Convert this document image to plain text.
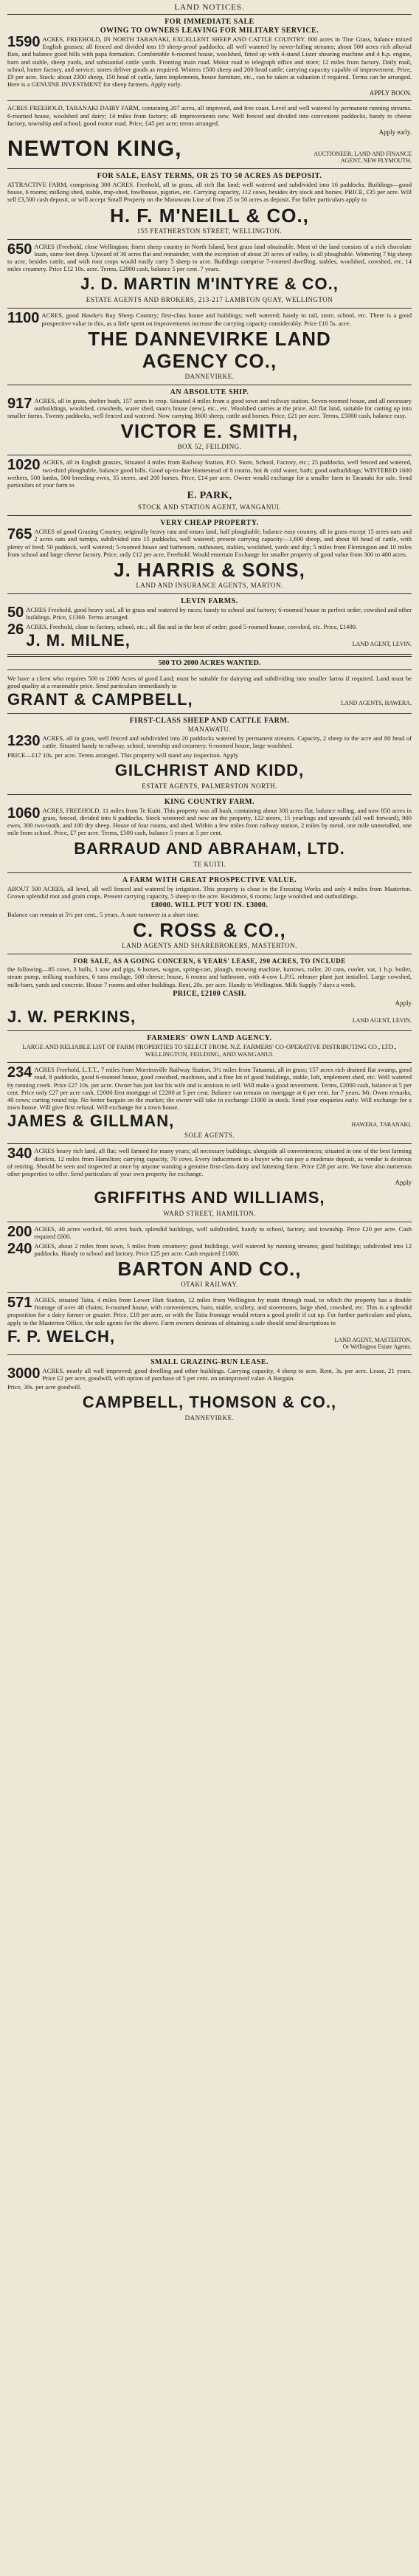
LAND NOTICES.
FOR IMMEDIATE SALE
OWING TO OWNERS LEAVING FOR MILITARY SERVICE.

1590 ACRES, FREEHOLD, IN NORTH TARANAKI, EXCELLENT SHEEP AND CATTLE COUNTRY. 800 acres in Tine Grass, balance mixed English grasses; all fenced and divided into 19 sheep-proof paddocks; all well watered by never-failing streams; about 500 acres rich alluvial flats, and balance good hills with papa formation. Comfortable 6-roomed house, woolshed, fitted up with 4-stand Lister shearing machine and 4 h.p. engine, barn and stable, sheep yards, and substantial cattle yards. Fronting main road. Motor road to telegraph office and store; 12 miles from factory. Daily mail, school, butter factory, and service; stores deliver goods as required. Winters 1500 sheep and 200 head cattle; carrying capacity capable of improvement. Price, £9 per acre. Stock: about 2300 sheep, 150 head of cattle, farm implements, house furniture, etc., can be taken at valuation if required. Terms can be arranged. Here is a GENUINE INVESTMENT for sheep farmers. Apply early.

APPLY BOON.

ACRES FREEHOLD, TARANAKI DAIRY FARM, containing 207 acres, all improved, and free coast. Level and well watered by permanent running streams. 6-roomed house, woolshed and dairy; 14 miles from factory; all improvements new. Well fenced and divided into convenient paddocks, handy to cheese factory, township and school; good motor road. Price, £45 per acre; terms arranged.

Apply early.
NEWTON KING,	AUCTIONEER, LAND AND FINANCE AGENT, NEW PLYMOUTH.
FOR SALE, EASY TERMS, OR 25 TO 50 ACRES AS DEPOSIT.

ATTRACTIVE FARM, comprising 300 ACRES. Freehold, all in grass, all rich flat land; well watered and subdivided into 16 paddocks. Buildings—good house, 6 rooms; milking shed, stable, trap-shed, fowlhouse, pigsties, etc. Carrying capacity, 112 cows, besides dry stock and horses. PRICE, £35 per acre. Will sell £3,500 cash deposit, or will accept Small Property on the Manawatu Line of from 25 to 50 acres as deposit. For fuller particulars apply to

H. F. M'NEILL & CO.,
155 FEATHERSTON STREET, WELLINGTON.

650 ACRES (Freehold, close Wellington; finest sheep country in North Island, best grass land obtainable. Most of the land consists of a rich chocolate loam, some feet deep. Upward of 30 acres flat and remainder, with the exception of about 20 acres of valley, is all ploughable. Wintering 7 big sheep to acre, besides cattle, and with root crops would easily carry 5 sheep to acre. Buildings comprise 7-roomed dwelling, stables, woolshed, cowshed, etc. 14 miles creamery. Price £12 10s. acre. Terms, £2000 cash, balance 5 per cent. 7 years.

J. D. MARTIN M'INTYRE & CO.,
ESTATE AGENTS AND BROKERS, 213-217 LAMBTON QUAY, WELLINGTON

1100 ACRES, good Hawke's Bay Sheep Country; first-class house and buildings; well watered; handy to rail, store, school, etc. There is a good prospective value in this, as a little spent on improvements increase the carrying capacity considerably. Price £10 5s. acre.

THE DANNEVIRKE LAND
AGENCY CO.,
DANNEVIRKE.
AN ABSOLUTE SHIP.

917 ACRES, all in grass, shelter bush, 157 acres in crop. Situated 4 miles from a good town and railway station. Seven-roomed house, and all necessary outbuildings, woolshed, cowsheds, water shed, man's house (new), etc., etc. Woolshed carries at the price. All flat land, suitable for cutting up into smaller farms. Twenty paddocks, well fenced and watered. Now carrying 3600 sheep, cattle and horses. Price, £21 per acre. Terms, £5000 cash, balance easy.

VICTOR E. SMITH,
BOX 52, FEILDING.

1020 ACRES, all in English grasses, Situated 4 miles from Railway Station, P.O. Store, School, Factory, etc.; 25 paddocks, well fenced and watered, two-third ploughable, balance good hills. Good up-to-date Homestead of 8 rooms, hot & cold water, bath; good outbuildings; WINTERED 1600 wethers, 500 lambs, 500 breeding ewes, 35 steers, and 200 horses. Price, £14 per acre. Owner would exchange for a smaller farm in Taranaki for sale. Send particulars of your farm to

E. PARK,
STOCK AND STATION AGENT, WANGANUI.
VERY CHEAP PROPERTY.

765 ACRES of good Grazing Country, originally heavy rata and totara land, half ploughable, balance easy country, all in grass except 15 acres oats and 2 acres oats and turnips, subdivided into 15 paddocks, well watered; present carrying capacity—1,600 sheep, and about 60 head of cattle, with plenty of feed; 50 paddock, well watered; 5-roomed house and bathroom, outhouses, stables, woolshed, yards and dip; 5 miles from Flemington and 10 miles from school and large cheese factory. Price, only £12 per acre, Freehold. Would entertain Exchange for smaller property of good value from 300 to 400 acres.

J. HARRIS & SONS,
LAND AND INSURANCE AGENTS, MARTON.
LEVIN FARMS.

50 ACRES Freehold, good heavy soil, all in grass and watered by races; handy to school and factory; 6-roomed house in perfect order; cowshed and other buildings. Price, £1300. Terms arranged.

26 ACRES, Freehold, close to factory, school, etc.; all flat and in the best of order; good 5-roomed house, cowshed, etc. Price, £1400.

J. M. MILNE,	LAND AGENT, LEVIN.
500 TO 2000 ACRES WANTED.

We have a client who requires 500 to 2000 Acres of good Land; must be suitable for dairying and subdividing into smaller farms if required. Land must be good quality at a reasonable price. Send particulars immediately to

GRANT & CAMPBELL,	LAND AGENTS, HAWERA.
FIRST-CLASS SHEEP AND CATTLE FARM.
MANAWATU.

1230 ACRES, all in grass, well fenced and subdivided into 20 paddocks watered by permanent streams. Capacity, 2 sheep to the acre and 80 head of cattle. Situated handy to railway, school, township and creamery. 6-roomed house, large woolshed.

PRICE—£17 10s. per acre. Terms arranged. This property will stand any inspection. Apply

GILCHRIST AND KIDD,
ESTATE AGENTS, PALMERSTON NORTH.
KING COUNTRY FARM.

1060 ACRES, FREEHOLD, 11 miles from Te Kuiti. This property was all bush, containing about 300 acres flat, balance rolling, and now 850 acres in grass, fenced, divided into 6 paddocks. Stock wintered and now on the property, 122 steers, 15 yearlings and upwards (all well forward), 900 ewes, 300 two-tooth, and 100 dry sheep. House of four rooms, and shed. Within a few miles from railway station, 2 miles by metal, one mile unmetalled, one mile from school. Price, £7 per acre. Terms, £500 cash, balance 5 years at 5 per cent.

BARRAUD AND ABRAHAM, LTD.
TE KUITI.
A FARM WITH GREAT PROSPECTIVE VALUE.

ABOUT 500 ACRES, all level, all well fenced and watered by irrigation. This property is close to the Freezing Works and only 4 miles from Masterton. Grown splendid root and grain crops. Present carrying capacity, 5 sheep to the acre. Residence, 6 rooms; large woolshed and outbuildings.

£8000. WILL PUT YOU IN. £3000.

Balance can remain at 5½ per cent., 5 years. A sure turnover in a short time.

C. ROSS & CO.,
LAND AGENTS AND SHAREBROKERS, MASTERTON.
FOR SALE, AS A GOING CONCERN, 6 YEARS' LEASE, 290 ACRES, TO INCLUDE

the following—85 cows, 3 bulls, 1 sow and pigs, 6 horses, wagon, spring-cart, plough, mowing machine, harrows, roller, 20 cans, cooler, vat, 1 h.p. boiler, steam pump, milking machines, 6 tons ensilage, 500 cheese; house, 6 rooms and bathroom, with 4-cow L.P.G. releaser plant just installed. Large cowshed, milk-barn, yards and concrete. House 7 rooms and other buildings. Rent, 20s. per acre. Handy to Wellington. Milk Supply 7 days a week.

PRICE, £2100 CASH.
Apply
J. W. PERKINS,	LAND AGENT, LEVIN.
FARMERS' OWN LAND AGENCY.

LARGE AND RELIABLE LIST OF FARM PROPERTIES TO SELECT FROM. N.Z. FARMERS' CO-OPERATIVE DISTRIBUTING CO., LTD., WELLINGTON, FEILDING, AND WANGANUI.

234 ACRES Freehold, L.T.T., 7 miles from Morrinsville Railway Station, 3½ miles from Tatuanui, all in grass; 157 acres rich drained flat swamp, good road, 8 paddocks, good 6-roomed house, good cowshed, machines, and a fine lot of good buildings, stable, loft, implement shed, etc. Well watered by running creek. Price £27 10s. per acre. Owner has just lost his wife and is anxious to sell. Will make a good investment. Terms, £2000 cash, balance at 5 per cent. Price only £27 per acre cash, £2000 first mortgage of £2200 at 5 per cent. Balance can remain on mortgage at 6 per cent. for 7 years. Mr. Owen remarks, 40 cows; carting round trip. No better bargain on the market; the owner will take in exchange £1000 in stock. Send your enquiries early. Will exchange for a town house. Will give first refusal. Will exchange for a town house.

JAMES & GILLMAN,	HAWERA, TARANAKI.
SOLE AGENTS.

340 ACRES heavy rich land, all flat; well farmed for many years; all necessary buildings; alongside all conveniences; situated in one of the best farming districts, 12 miles from Hamilton; carrying capacity, 70 cows. Every inducement to a buyer who can pay a moderate deposit, as vendor is desirous of retiring. Should be seen and inspected at once by anyone wanting a genuine first-class dairy and fattening farm. Price £28 per acre. We have also numerous other properties to offer. Send particulars of your own property for exchange.

Apply
GRIFFITHS AND WILLIAMS,
WARD STREET, HAMILTON.

200 ACRES, 40 acres worked, 60 acres bush, splendid buildings, well subdivided, handy to school, factory, and township. Price £20 per acre. Cash required £600.

240 ACRES, about 2 miles from town, 5 miles from creamery; good buildings, well watered by running streams; good buildings; subdivided into 12 paddocks. Handy to school and factory. Price £25 per acre. Cash required £1000.

BARTON AND CO.,
OTAKI RAILWAY.

571 ACRES, situated Taita, 4 miles from Lower Hutt Station, 12 miles from Wellington by main through road, to which the property has a double frontage of over 40 chains; 6-roomed house, with conveniences, barn, stable, scullery, and storerooms, large shed, cowshed, etc. This is a splendid proposition for a dairy farmer or grazier. Price, £18 per acre, or with the Taita frontage would return a good profit if cut up. For further particulars and plans, apply to the Masterton Office, the sole agents for the above. Farm owners desirous of obtaining a sale should send descriptions to

F. P. WELCH,	LAND AGENT, MASTERTON.
Or Wellington Estate Agents.
SMALL GRAZING-RUN LEASE.

3000 ACRES, nearly all well improved; good dwelling and other buildings. Carrying capacity, 4 sheep to acre. Rent, 3s. per acre. Lease, 21 years. Price £2 per acre, goodwill, with option of purchase of 5 per cent. on unimproved value. A Bargain.

Price, 30s. per acre goodwill.

CAMPBELL, THOMSON & CO.,
DANNEVIRKE.
